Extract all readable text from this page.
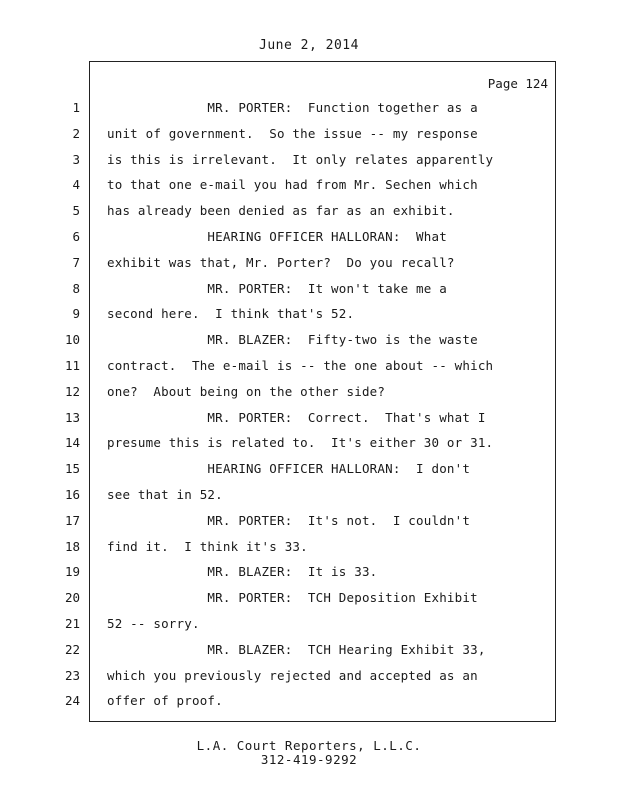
June 2, 2014
Page 124
1 MR. PORTER:  Function together as a
2 unit of government.  So the issue -- my response
3 is this is irrelevant.  It only relates apparently
4 to that one e-mail you had from Mr. Sechen which
5 has already been denied as far as an exhibit.
6 HEARING OFFICER HALLORAN:  What
7 exhibit was that, Mr. Porter?  Do you recall?
8 MR. PORTER:  It won't take me a
9 second here.  I think that's 52.
10 MR. BLAZER:  Fifty-two is the waste
11 contract.  The e-mail is -- the one about -- which
12 one?  About being on the other side?
13 MR. PORTER:  Correct.  That's what I
14 presume this is related to.  It's either 30 or 31.
15 HEARING OFFICER HALLORAN:  I don't
16 see that in 52.
17 MR. PORTER:  It's not.  I couldn't
18 find it.  I think it's 33.
19 MR. BLAZER:  It is 33.
20 MR. PORTER:  TCH Deposition Exhibit
21 52 -- sorry.
22 MR. BLAZER:  TCH Hearing Exhibit 33,
23 which you previously rejected and accepted as an
24 offer of proof.
L.A. Court Reporters, L.L.C.
312-419-9292
